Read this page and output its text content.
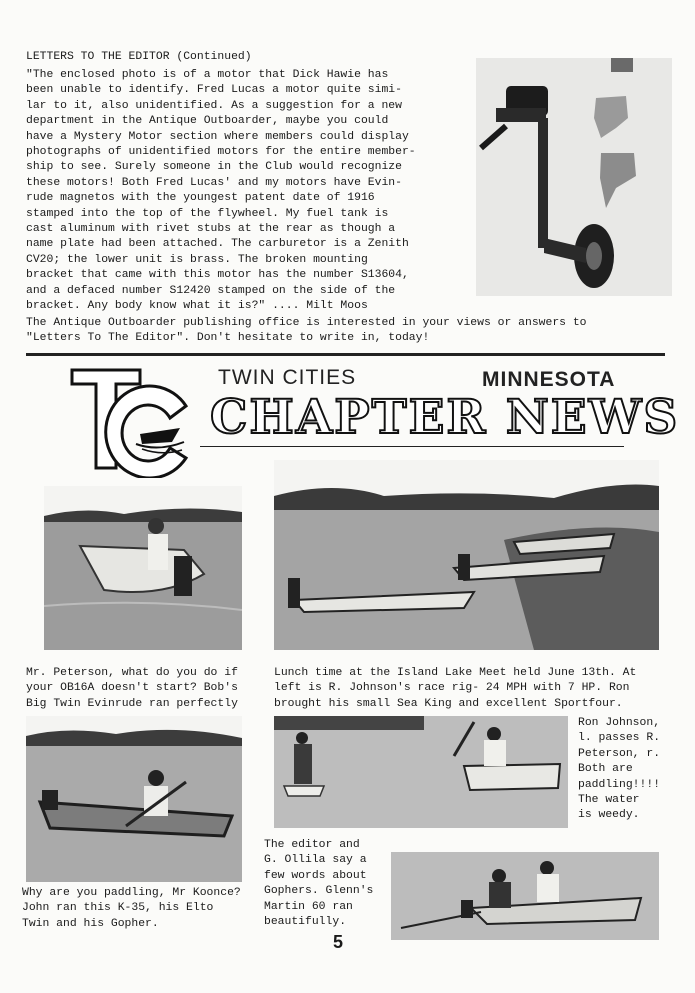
LETTERS TO THE EDITOR (Continued)
"The enclosed photo is of a motor that Dick Hawie has
been unable to identify. Fred Lucas a motor quite simi-
lar to it, also unidentified. As a suggestion for a new
department in the Antique Outboarder, maybe you could
have a Mystery Motor section where members could display
photographs of unidentified motors for the entire member-
ship to see. Surely someone in the Club would recognize
these motors! Both Fred Lucas' and my motors have Evin-
rude magnetos with the youngest patent date of 1916
stamped into the top of the flywheel. My fuel tank is
cast aluminum with rivet stubs at the rear as though a
name plate had been attached. The carburetor is a Zenith
CV20; the lower unit is brass. The broken mounting
bracket that came with this motor has the number S13604,
and a defaced number S12420 stamped on the side of the
bracket. Any body know what it is?" .... Milt Moos
The Antique Outboarder publishing office is interested in your views or answers to
"Letters To The Editor". Don't hesitate to write in, today!
TWIN CITIES	MINNESOTA
CHAPTER NEWS
Mr. Peterson, what do you do if
your OB16A doesn't start? Bob's
Big Twin Evinrude ran perfectly
Lunch time at the Island Lake Meet held June 13th. At
left is R. Johnson's race rig- 24 MPH with 7 HP. Ron
brought his small Sea King and excellent Sportfour.
Ron Johnson,
l. passes R.
Peterson, r.
Both are
paddling!!!!
The water
is weedy.
The editor and
G. Ollila say a
few words about
Gophers. Glenn's
Martin 60 ran
beautifully.
Why are you paddling, Mr Koonce?
John ran this K-35, his Elto
Twin and his Gopher.
5
